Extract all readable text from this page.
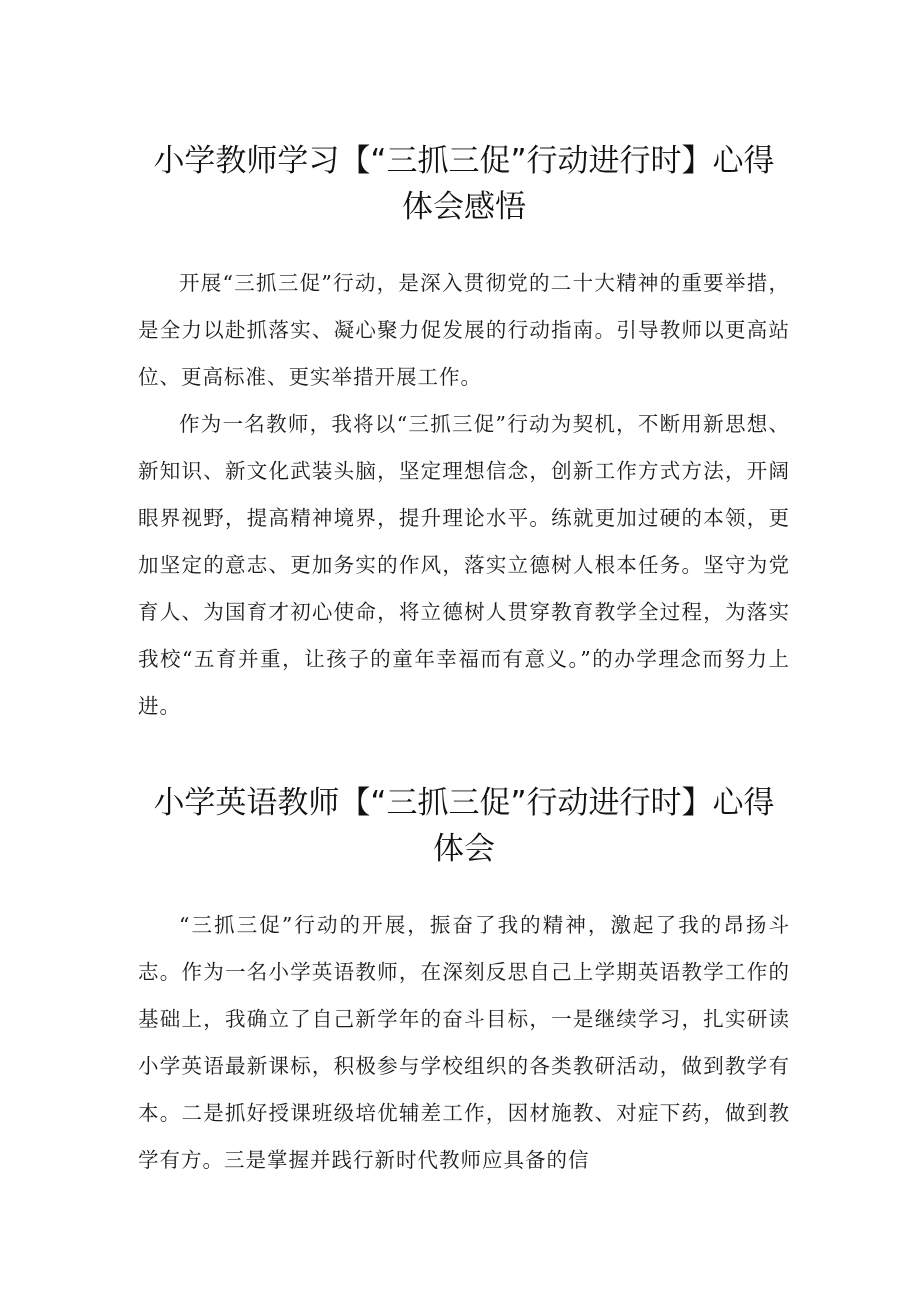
小学教师学习【“三抓三促”行动进行时】心得体会感悟

开展“三抓三促”行动，是深入贯彻党的二十大精神的重要举措，是全力以赴抓落实、凝心聚力促发展的行动指南。引导教师以更高站位、更高标准、更实举措开展工作。

作为一名教师，我将以“三抓三促”行动为契机，不断用新思想、新知识、新文化武装头脑，坚定理想信念，创新工作方式方法，开阔眼界视野，提高精神境界，提升理论水平。练就更加过硬的本领，更加坚定的意志、更加务实的作风，落实立德树人根本任务。坚守为党育人、为国育才初心使命，将立德树人贯穿教育教学全过程，为落实我校“五育并重，让孩子的童年幸福而有意义。”的办学理念而努力上进。

小学英语教师【“三抓三促”行动进行时】心得体会

“三抓三促”行动的开展，振奋了我的精神，激起了我的昂扬斗志。作为一名小学英语教师，在深刻反思自己上学期英语教学工作的基础上，我确立了自己新学年的奋斗目标，一是继续学习，扎实研读小学英语最新课标，积极参与学校组织的各类教研活动，做到教学有本。二是抓好授课班级培优辅差工作，因材施教、对症下药，做到教学有方。三是掌握并践行新时代教师应具备的信
